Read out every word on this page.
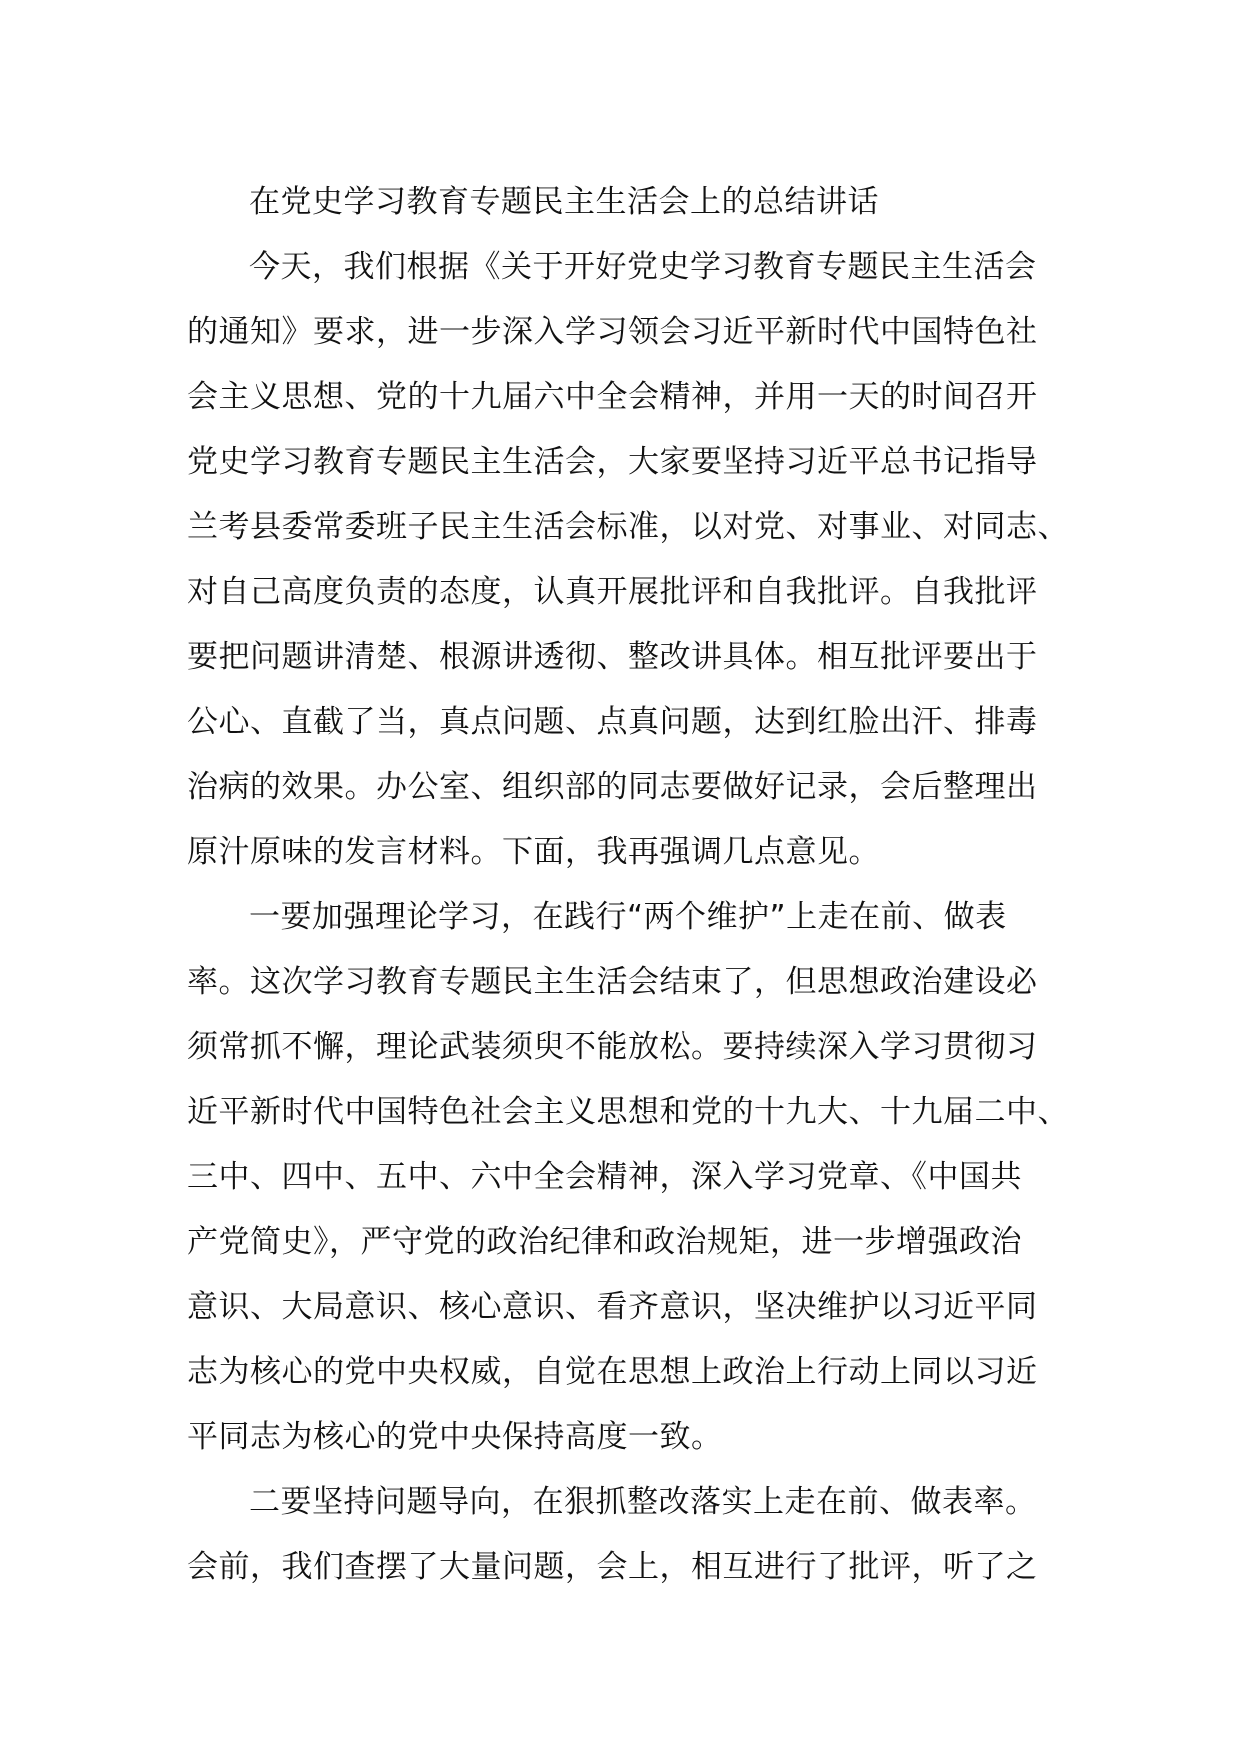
在党史学习教育专题民主生活会上的总结讲话
今天，我们根据《关于开好党史学习教育专题民主生活会
的通知》要求，进一步深入学习领会习近平新时代中国特色社
会主义思想、党的十九届六中全会精神，并用一天的时间召开
党史学习教育专题民主生活会，大家要坚持习近平总书记指导
兰考县委常委班子民主生活会标准，以对党、对事业、对同志、
对自己高度负责的态度，认真开展批评和自我批评。自我批评
要把问题讲清楚、根源讲透彻、整改讲具体。相互批评要出于
公心、直截了当，真点问题、点真问题，达到红脸出汗、排毒
治病的效果。办公室、组织部的同志要做好记录，会后整理出
原汁原味的发言材料。下面，我再强调几点意见。
一要加强理论学习，在践行“两个维护”上走在前、做表
率。这次学习教育专题民主生活会结束了，但思想政治建设必
须常抓不懈，理论武装须臾不能放松。要持续深入学习贯彻习
近平新时代中国特色社会主义思想和党的十九大、十九届二中、
三中、四中、五中、六中全会精神，深入学习党章、《中国共
产党简史》，严守党的政治纪律和政治规矩，进一步增强政治
意识、大局意识、核心意识、看齐意识，坚决维护以习近平同
志为核心的党中央权威，自觉在思想上政治上行动上同以习近
平同志为核心的党中央保持高度一致。
二要坚持问题导向，在狠抓整改落实上走在前、做表率。
会前，我们查摆了大量问题，会上，相互进行了批评，听了之
